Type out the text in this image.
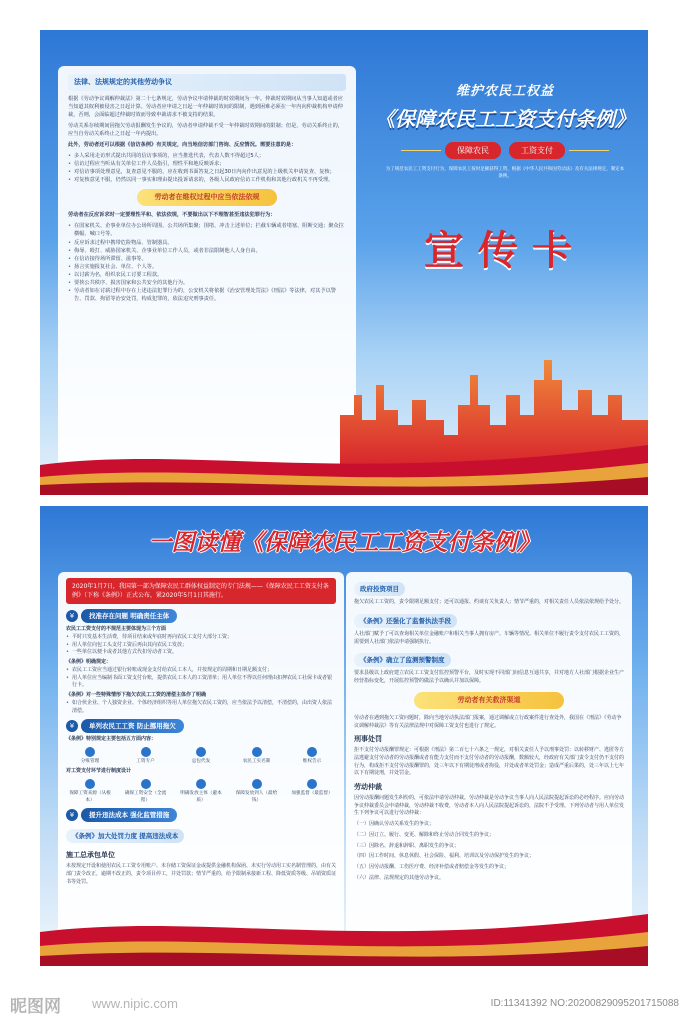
法律、法规规定的其他劳动争议
根据《劳动争议调解仲裁法》第二十七条规定，劳动争议申请仲裁的时效期间为一年。仲裁时效期间从当事人知道或者应当知道其权利被侵害之日起计算。劳动者应申请之日起一年仲裁时效间的限制，遇到困难必须在一年内向仲裁机构申请仲裁，否则，会面临超过仲裁时效而导致申裁请求不被支持的结果。
劳动关系存续期间因拖欠劳动报酬发生争议的，劳动者申请仲裁不受一年仲裁时效期间的限制；但是，劳动关系终止的，应当自劳动关系终止之日起一年内提出。
此外，劳动者还可以根据《信访条例》有关规定，向当地信访部门咨询、反应情况。需要注意的是：
• 多人采用走访形式提出共同的信访事项的，应当推选代表，代表人数不得超过5人；
• 信访过程应当听从有关单位工作人员指引，理性平和地反映诉求；
• 对信访事项处理意见，复查意见不服的，应在收到书面答复之日起30日内向作出意见的上级机关申请复查、复核；
• 对复核意见不服，仍然以同一事实和理由提出投诉请求的，各级人民政府信访工作机构和其他行政机关不再受理。
劳动者在维权过程中应当依法依规
劳动者在反应诉求时一定要理性平和、依法依规，不要做出以下不理智甚至违法犯罪行为：
• 在国家机关、企事业单位办公场所周围、公共场所集聚；围堵、冲击上述单位；拦截车辆或者堵塞、阻断交通；聚众拉横幅、喊口号等。
• 反应诉求过程中携带危险物品、管制器具。
• 侮辱、殴打、威胁国家机关、企事业单位工作人员，或者非法限制他人人身自由。
• 在信访接待场所滞留、滋事等。
• 扬言实施报复社会、单位、个人等。
• 以讨薪为名，组织农民工讨要工程款。
• 要挟公共秩序、损害国家和公共安全的其他行为。
• 劳动者如在讨薪过程中存在上述违法犯罪行为的，公安机关将依据《治安管理处罚法》《刑法》等法律，对其予以警告、罚款、拘留等治安处罚，构成犯罪的，依法追究刑事责任。
维护农民工权益
《保障农民工工资支付条例》
保障农民	工资支付
为了规范农民工工资支付行为，保障农民工按时足额获得工资，根据《中华人民共和国劳动法》及有关法律规定，制定本条例。
宣传卡
一图读懂《保障农民工工资支付条例》
2020年1月7日，我国第一部为保障农民工群体权益制定的专门法规——《保障农民工工资支付条例》（下称《条例》）正式公布，紧2020年5月1日其施行。
¥	找准存在问题 明确责任主体
农民工工资支付的不规范主要体现为三个方面
• 平时只发基本生活费，待项目结束或年底时再向农民工支付大部分工资；
• 用人单位向包工头支付工资后再由其向农民工发放；
• 一些单位以便卡或者其他方式代扣劳动者工资。
《条例》明确规定：
• 农民工工资应当通过银行转账或现金支付给农民工本人，并按规定的周期和日期足额支付；
• 用人单位应当编制书面工资支付台账，提供农民工本人的工资清单；用人单位不得以任何理由扣押农民工社保卡或者银行卡。
《条例》对一些特殊情形下拖欠农民工工资的清偿主体作了明确
• 如合伙企业、个人独资企业、个体经济组织等用人单位拖欠农民工资的，应当依法予以清偿，不清偿的，由出资人依法清偿。
¥	单列农民工工资 防止挪用拖欠
《条例》特别规定主要包括五方面内容：
分账管理	工资专户	总包代发	农民工实名制	维权告示
对工资支付环节进行制度设计
保障工资来源（从根本）
确保工资安全（全流程）
明确发放主体（避本质）
保障发放到人（最给钱）
加强监督（最监督）
¥	提升违法成本 强化监管措施
《条例》加大处罚力度 提高违法成本
施工总承包单位
未按规定开设和使用农民工工资专用账户、未存储工资保证金或提供金融机构保函、未实行劳动用工实名制管理的，由有关部门责令改正，逾期不改正的，责令项目停工，并处罚款；情节严重的，给予限制承接新工程、降低资质等级、吊销资质证书等处罚。
政府投资项目
拖欠农民工工资的，责令限期足额支付；还可以通报、约谈有关负责人；情节严重的，对相关责任人员依法依规给予处分。
《条例》还强化了监督执法手段
人社部门赋予了可以查询相关单位金融账户和相关当事人拥有房产、车辆等情况。相关单位不履行责令支付农民工工资的，需要到人社部门依法申请强制执行。
《条例》确立了监测预警制度
要求县级以上政府建立农民工工资支付监控预警平台，及时实现不同部门间信息互通共享，并对地方人社部门根据企业生产经营指标变化，开展监控预警的做法予以确认并加以保障。
劳动者有关救济渠道
劳动者在遇到拖欠工资问题时，除向当地劳动执法部门报案，通过调解或立行政案件进行查处外，我国在《刑法》《劳动争议调解仲裁法》等有关法律法规中对保障工资支付也进行了规定。
刑事处罚
拒不支付劳动报酬罪规定：可根据《刑法》第二百七十六条之一规定，对相关责任人予以刑事处罚：以转移财产、逃匿等方法逃避支付劳动者的劳动报酬或者有能力支付而不支付劳动者的劳动报酬，数额较大，经政府有关部门责令支付仍不支付的行为，构成拒不支付劳动报酬罪的，处三年以下有期徒刑或者拘役，并处或者单处罚金；造成严重后果的，处三年以上七年以下有期徒刑，并处罚金。
劳动仲裁
因劳动报酬问题发生纠纷的，可依法申请劳动仲裁。劳动仲裁是劳动争议当事人向人民法院提起诉讼的必经程序。应向劳动争议仲裁委员会申请仲裁，劳动仲裁不收费，劳动者本人向人民法院提起诉讼的，法院不予受理。下列劳动者与用人单位发生下列争议可以进行劳动仲裁：
（一）因确认劳动关系发生的争议；
（二）因订立、履行、变更、解除和终止劳动合同发生的争议；
（三）因除名、辞退和辞职、离职发生的争议；
（四）因工作时间、休息休假、社会保险、福利、培训以及劳动保护发生的争议；
（五）因劳动报酬、工伤医疗费、经济补偿或者赔偿金等发生的争议；
（六）法律、法规规定的其他劳动争议。
昵图网 www.nipic.com	ID:11341392 NO:20200829095201715088
